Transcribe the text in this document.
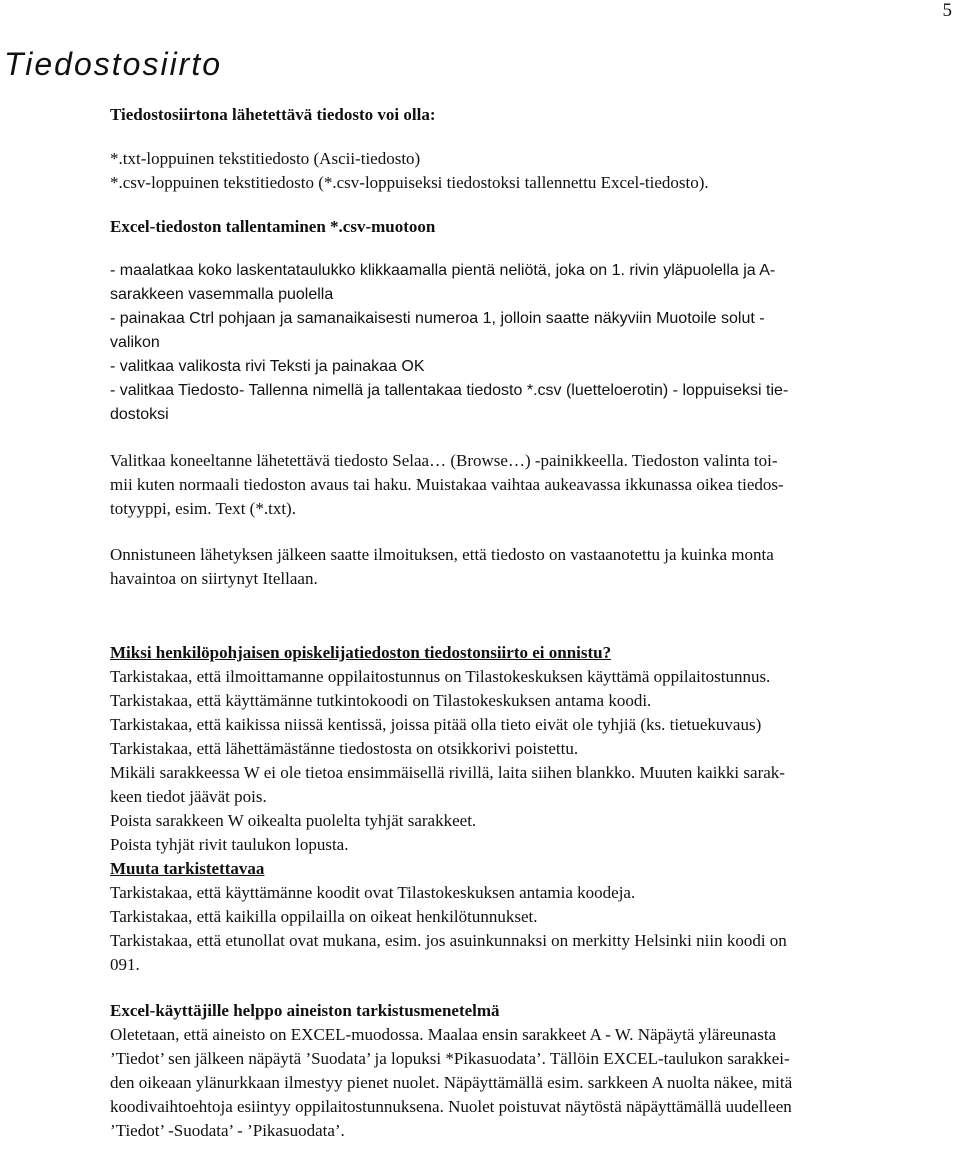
5
Tiedostosiirto

Tiedostosiirtona lähetettävä tiedosto voi olla:

*.txt-loppuinen tekstitiedosto (Ascii-tiedosto)
*.csv-loppuinen tekstitiedosto (*.csv-loppuiseksi tiedostoksi tallennettu Excel-tiedosto).

Excel-tiedoston tallentaminen *.csv-muotoon

- maalatkaa koko laskentataulukko klikkaamalla pientä neliötä, joka on 1. rivin yläpuolella ja A-
sarakkeen vasemmalla puolella
- painakaa Ctrl pohjaan ja samanaikaisesti numeroa 1, jolloin saatte näkyviin Muotoile solut -
valikon
- valitkaa valikosta rivi Teksti ja painakaa OK
- valitkaa Tiedosto- Tallenna nimellä ja tallentakaa tiedosto *.csv (luetteloerotin) - loppuiseksi tie-
dostoksi
Valitkaa koneeltanne lähetettävä tiedosto Selaa… (Browse…) -painikkeella. Tiedoston valinta toi-
mii kuten normaali tiedoston avaus tai haku. Muistakaa vaihtaa aukeavassa ikkunassa oikea tiedos-
totyyppi, esim. Text (*.txt).
Onnistuneen lähetyksen jälkeen saatte ilmoituksen, että tiedosto on vastaanotettu ja kuinka monta
havaintoa on siirtynyt Itellaan.
Miksi henkilöpohjaisen opiskelijatiedoston tiedostonsiirto ei onnistu?
Tarkistakaa, että ilmoittamanne oppilaitostunnus on Tilastokeskuksen käyttämä oppilaitostunnus.
Tarkistakaa, että käyttämänne tutkintokoodi on Tilastokeskuksen antama koodi.
Tarkistakaa, että kaikissa niissä kentissä, joissa pitää olla tieto eivät ole tyhjiä (ks. tietuekuvaus)
Tarkistakaa, että lähettämästänne tiedostosta on otsikkorivi poistettu.
Mikäli sarakkeessa W ei ole tietoa ensimmäisellä rivillä, laita siihen blankko. Muuten kaikki sarak-
keen tiedot jäävät pois.
Poista sarakkeen W oikealta puolelta tyhjät sarakkeet.
Poista tyhjät rivit taulukon lopusta.
Muuta tarkistettavaa
Tarkistakaa, että käyttämänne koodit ovat Tilastokeskuksen antamia koodeja.
Tarkistakaa, että kaikilla oppilailla on oikeat henkilötunnukset.
Tarkistakaa, että etunollat ovat mukana, esim. jos asuinkunnaksi on merkitty Helsinki niin koodi on
091.
Excel-käyttäjille helppo aineiston tarkistusmenetelmä
Oletetaan, että aineisto on EXCEL-muodossa. Maalaa ensin sarakkeet A - W. Näpäytä yläreunasta
’Tiedot’ sen jälkeen näpäytä ’Suodata’ ja lopuksi *Pikasuodata’. Tällöin EXCEL-taulukon sarakkei-
den oikeaan ylänurkkaan ilmestyy pienet nuolet. Näpäyttämällä esim. sarkkeen A nuolta näkee, mitä
koodivaihtoehtoja esiintyy oppilaitostunnuksena. Nuolet poistuvat näytöstä näpäyttämällä uudelleen
’Tiedot’ -Suodata’ - ’Pikasuodata’.
